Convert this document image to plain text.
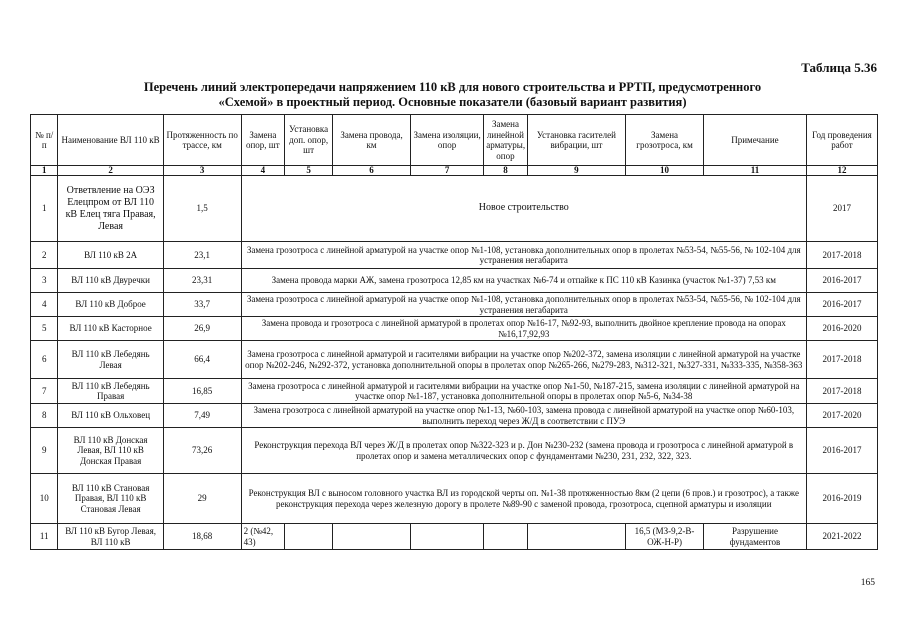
Таблица 5.36
Перечень линий электропередачи напряжением 110 кВ для нового строительства и РРТП, предусмотренного
«Схемой» в проектный период. Основные показатели (базовый вариант развития)
№ п/п	Наименование ВЛ 110 кВ	Протяженность по трассе, км	Замена опор, шт	Установка доп. опор, шт	Замена провода, км	Замена изоляции, опор	Замена линейной арматуры, опор	Установка гасителей вибрации, шт	Замена грозотроса, км	Примечание	Год проведения работ
1	2	3	4	5	6	7	8	9	10	11	12
1	Ответвление на ОЭЗ Елецпром от ВЛ 110 кВ Елец тяга Правая, Левая	1,5	Новое строительство								2017
2	ВЛ 110 кВ 2А	23,1	Замена грозотроса с линейной арматурой на участке опор №1-108, установка дополнительных опор в пролетах №53-54, №55-56, № 102-104 для устранения негабарита								2017-2018
3	ВЛ 110 кВ Двуречки	23,31	Замена провода марки АЖ, замена грозотроса 12,85 км на участках №6-74 и отпайке к ПС 110 кВ Казинка (участок №1-37) 7,53 км								2016-2017
4	ВЛ 110 кВ Доброе	33,7	Замена грозотроса с линейной арматурой на участке опор №1-108, установка дополнительных опор в пролетах №53-54, №55-56, № 102-104 для устранения негабарита								2016-2017
5	ВЛ 110 кВ Касторное	26,9	Замена провода и грозотроса с линейной арматурой в пролетах опор №16-17, №92-93, выполнить двойное крепление провода на опорах №16,17,92,93								2016-2020
6	ВЛ 110 кВ Лебедянь Левая	66,4	Замена грозотроса с линейной арматурой и гасителями вибрации на участке опор №202-372, замена изоляции с линейной арматурой на участке опор №202-246, №292-372, установка дополнительной опоры в пролетах опор №265-266, №279-283, №312-321, №327-331, №333-335, №358-363								2017-2018
7	ВЛ 110 кВ Лебедянь Правая	16,85	Замена грозотроса с линейной арматурой и гасителями вибрации на участке опор №1-50, №187-215, замена изоляции с линейной арматурой на участке опор №1-187, установка дополнительной опоры в пролетах опор №5-6, №34-38								2017-2018
8	ВЛ 110 кВ Ольховец	7,49	Замена грозотроса с линейной арматурой на участке опор №1-13, №60-103, замена провода с линейной арматурой на участке опор №60-103, выполнить переход через Ж/Д в соответствии с ПУЭ								2017-2020
9	ВЛ 110 кВ Донская Левая, ВЛ 110 кВ Донская Правая	73,26	Реконструкция перехода ВЛ через Ж/Д в пролетах опор №322-323 и р. Дон №230-232 (замена провода и грозотроса с линейной арматурой в пролетах опор и замена металлических опор с фундаментами №230, 231, 232, 322, 323.								2016-2017
10	ВЛ 110 кВ Становая Правая, ВЛ 110 кВ Становая Левая	29	Реконструкция ВЛ с выносом головного участка ВЛ из городской черты оп. №1-38 протяженностью 8км (2 цепи (6 пров.) и грозотрос), а также реконструкция перехода через железную дорогу в пролете №89-90 с заменой провода, грозотроса, сцепной арматуры и изоляции								2016-2019
11	ВЛ 110 кВ Бугор Левая, ВЛ 110 кВ	18,68	2 (№42, 43)						16,5 (МЗ-9,2-В-ОЖ-Н-Р)	Разрушение фундаментов	2021-2022
165
